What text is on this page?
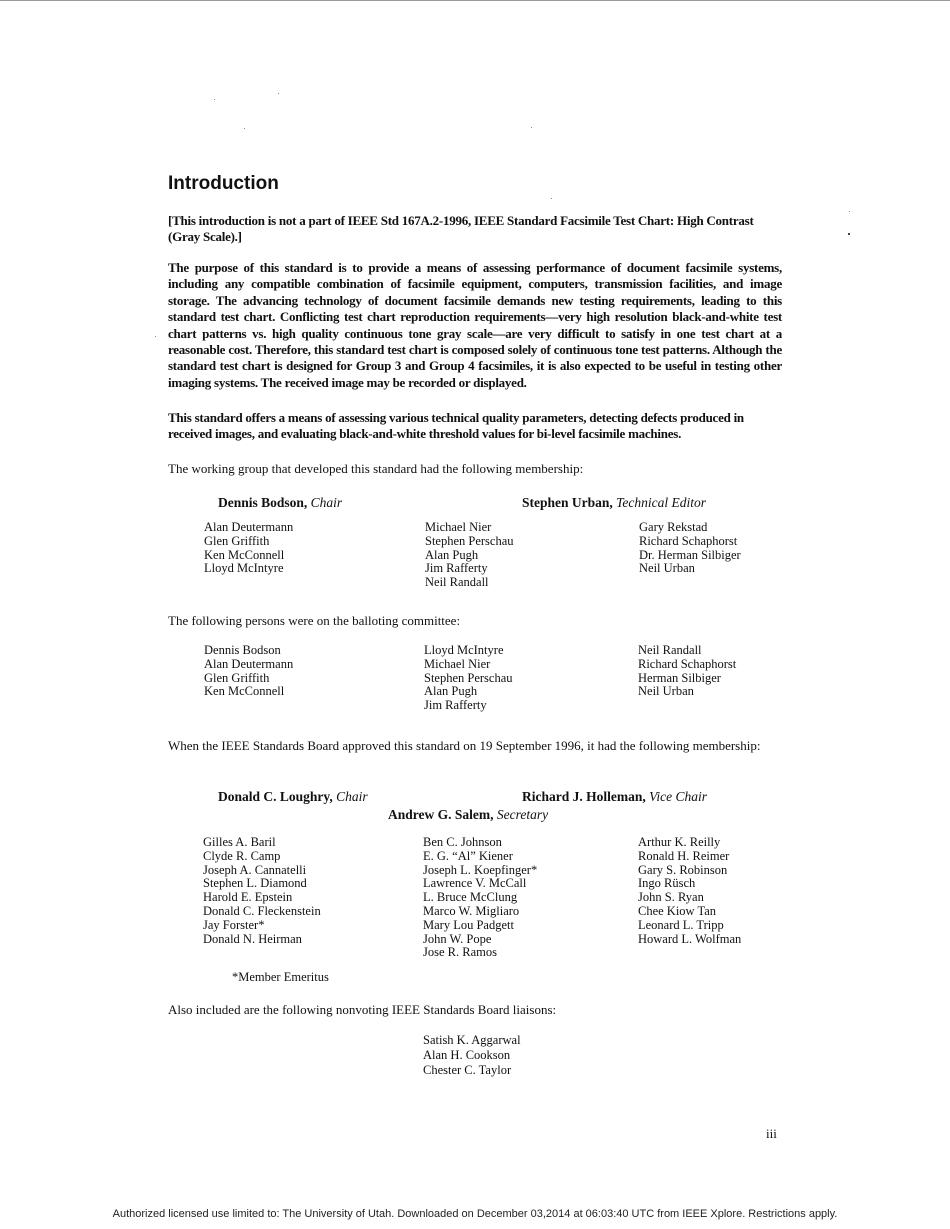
Introduction
[This introduction is not a part of IEEE Std 167A.2-1996, IEEE Standard Facsimile Test Chart: High Contrast (Gray Scale).]
The purpose of this standard is to provide a means of assessing performance of document facsimile systems, including any compatible combination of facsimile equipment, computers, transmission facilities, and image storage. The advancing technology of document facsimile demands new testing requirements, leading to this standard test chart. Conflicting test chart reproduction requirements—very high resolution black-and-white test chart patterns vs. high quality continuous tone gray scale—are very difficult to satisfy in one test chart at a reasonable cost. Therefore, this standard test chart is composed solely of continuous tone test patterns. Although the standard test chart is designed for Group 3 and Group 4 facsimiles, it is also expected to be useful in testing other imaging systems. The received image may be recorded or displayed.
This standard offers a means of assessing various technical quality parameters, detecting defects produced in received images, and evaluating black-and-white threshold values for bi-level facsimile machines.
The working group that developed this standard had the following membership:
Dennis Bodson, Chair	Stephen Urban, Technical Editor
Alan Deutermann
Glen Griffith
Ken McConnell
Lloyd McIntyre
Michael Nier
Stephen Perschau
Alan Pugh
Jim Rafferty
Neil Randall
Gary Rekstad
Richard Schaphorst
Dr. Herman Silbiger
Neil Urban
The following persons were on the balloting committee:
Dennis Bodson
Alan Deutermann
Glen Griffith
Ken McConnell
Lloyd McIntyre
Michael Nier
Stephen Perschau
Alan Pugh
Jim Rafferty
Neil Randall
Richard Schaphorst
Herman Silbiger
Neil Urban
When the IEEE Standards Board approved this standard on 19 September 1996, it had the following membership:
Donald C. Loughry, Chair	Richard J. Holleman, Vice Chair
Andrew G. Salem, Secretary
Gilles A. Baril
Clyde R. Camp
Joseph A. Cannatelli
Stephen L. Diamond
Harold E. Epstein
Donald C. Fleckenstein
Jay Forster*
Donald N. Heirman
Ben C. Johnson
E. G. “Al” Kiener
Joseph L. Koepfinger*
Lawrence V. McCall
L. Bruce McClung
Marco W. Migliaro
Mary Lou Padgett
John W. Pope
Jose R. Ramos
Arthur K. Reilly
Ronald H. Reimer
Gary S. Robinson
Ingo Rüsch
John S. Ryan
Chee Kiow Tan
Leonard L. Tripp
Howard L. Wolfman
*Member Emeritus
Also included are the following nonvoting IEEE Standards Board liaisons:
Satish K. Aggarwal
Alan H. Cookson
Chester C. Taylor
iii
Authorized licensed use limited to: The University of Utah. Downloaded on December 03,2014 at 06:03:40 UTC from IEEE Xplore. Restrictions apply.
